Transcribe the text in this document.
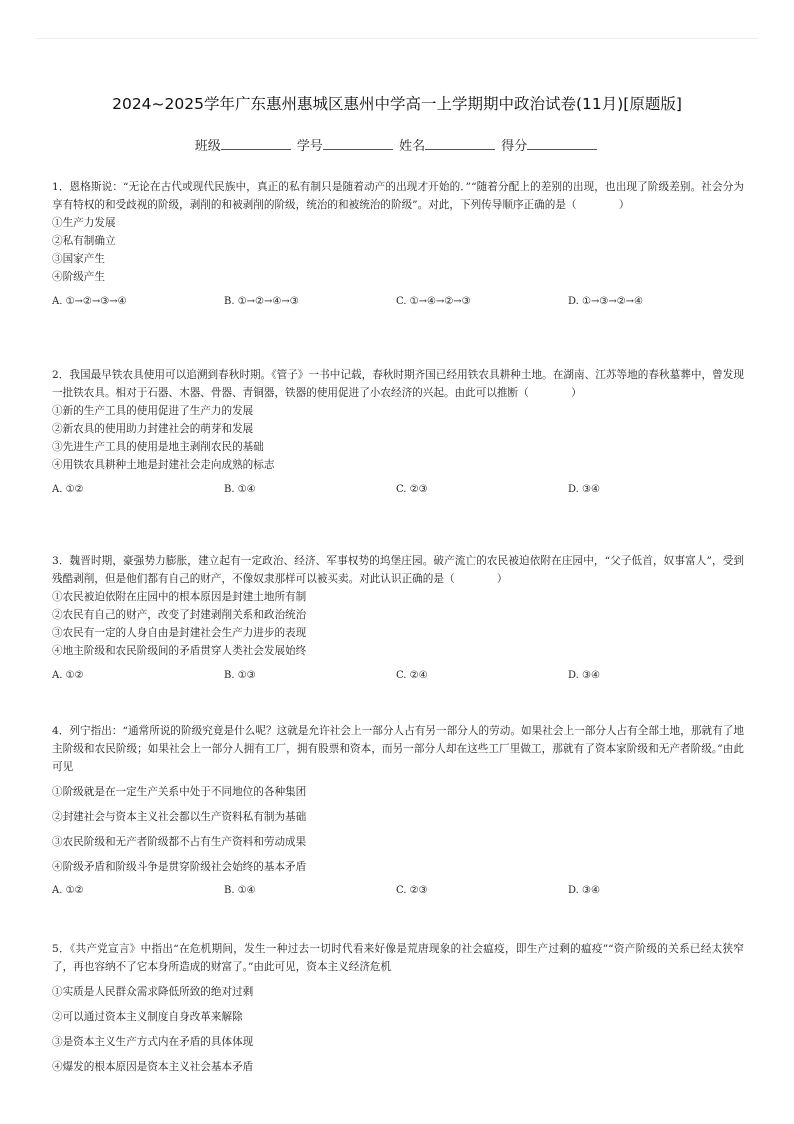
2024~2025学年广东惠州惠城区惠州中学高一上学期期中政治试卷(11月)[原题版]
班级	学号	姓名	得分
1．恩格斯说：“无论在古代或现代民族中，真正的私有制只是随着动产的出现才开始的．”“随着分配上的差别的出现，也出现了阶级差别。社会分为享有特权的和受歧视的阶级，剥削的和被剥削的阶级，统治的和被统治的阶级”。对此，下列传导顺序正确的是（　　　　）
①生产力发展
②私有制确立
③国家产生
④阶级产生
A. ①→②→③→④	B. ①→②→④→③	C. ①→④→②→③	D. ①→③→②→④
2．我国最早铁农具使用可以追溯到春秋时期。《管子》一书中记载，春秋时期齐国已经用铁农具耕种土地。在湖南、江苏等地的春秋墓葬中，曾发现一批铁农具。相对于石器、木器、骨器、青铜器，铁器的使用促进了小农经济的兴起。由此可以推断（　　　　）
①新的生产工具的使用促进了生产力的发展
②新农具的使用助力封建社会的萌芽和发展
③先进生产工具的使用是地主剥削农民的基础
④用铁农具耕种土地是封建社会走向成熟的标志
A. ①②	B. ①④	C. ②③	D. ③④
3．魏晋时期，豪强势力膨胀，建立起有一定政治、经济、军事权势的坞堡庄园。破产流亡的农民被迫依附在庄园中，“父子低首，奴事富人”，受到残酷剥削，但是他们都有自己的财产，不像奴隶那样可以被买卖。对此认识正确的是（　　　　）
①农民被迫依附在庄园中的根本原因是封建土地所有制
②农民有自己的财产，改变了封建剥削关系和政治统治
③农民有一定的人身自由是封建社会生产力进步的表现
④地主阶级和农民阶级间的矛盾贯穿人类社会发展始终
A. ①②	B. ①③	C. ②④	D. ③④
4．列宁指出：“通常所说的阶级究竟是什么呢？这就是允许社会上一部分人占有另一部分人的劳动。如果社会上一部分人占有全部土地，那就有了地主阶级和农民阶级；如果社会上一部分人拥有工厂，拥有股票和资本，而另一部分人却在这些工厂里做工，那就有了资本家阶级和无产者阶级。”由此可见
①阶级就是在一定生产关系中处于不同地位的各种集团
②封建社会与资本主义社会都以生产资料私有制为基础
③农民阶级和无产者阶级都不占有生产资料和劳动成果
④阶级矛盾和阶级斗争是贯穿阶级社会始终的基本矛盾
A. ①②	B. ①④	C. ②③	D. ③④
5．《共产党宣言》中指出“在危机期间，发生一种过去一切时代看来好像是荒唐现象的社会瘟疫，即生产过剩的瘟疫”“资产阶级的关系已经太狭窄了，再也容纳不了它本身所造成的财富了。”由此可见，资本主义经济危机
①实质是人民群众需求降低所致的绝对过剩
②可以通过资本主义制度自身改革来解除
③是资本主义生产方式内在矛盾的具体体现
④爆发的根本原因是资本主义社会基本矛盾
